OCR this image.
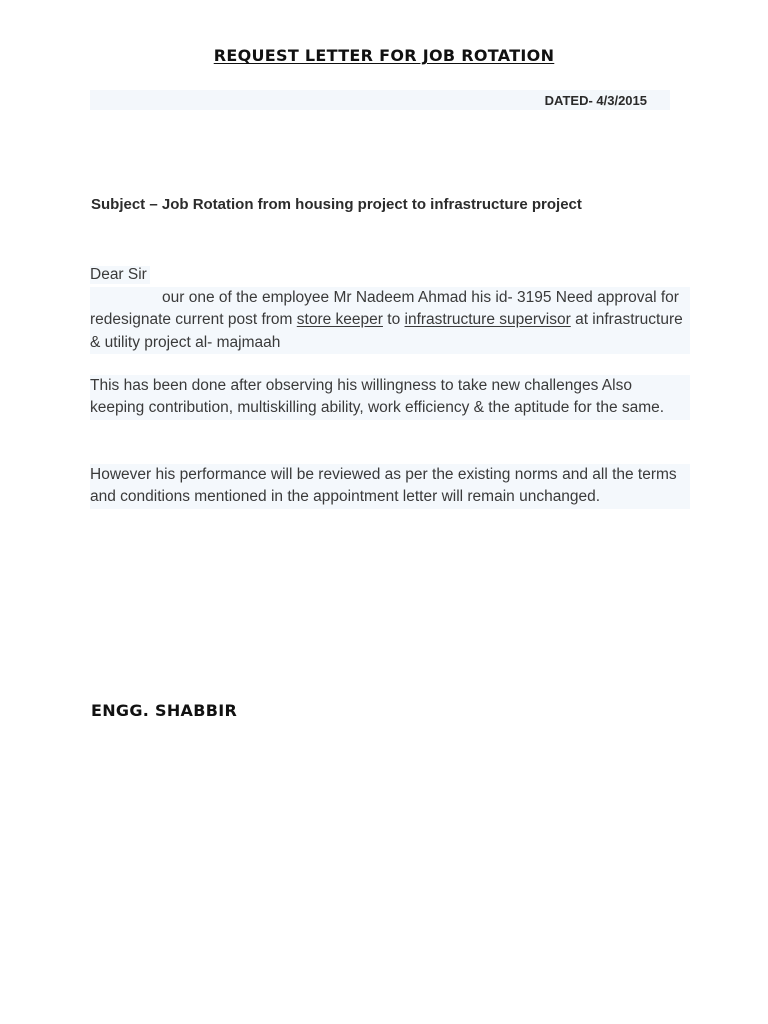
REQUEST LETTER FOR JOB ROTATION
DATED- 4/3/2015
Subject – Job Rotation from housing project to infrastructure project
Dear Sir
our one of the employee Mr Nadeem Ahmad his id- 3195 Need approval for redesignate current post from store keeper to infrastructure supervisor at infrastructure & utility project al- majmaah
This has been done after observing his willingness to take new challenges Also keeping contribution, multiskilling ability, work efficiency & the aptitude for the same.
However his performance will be reviewed as per the existing norms and all the terms and conditions mentioned in the appointment letter will remain unchanged.
ENGG. SHABBIR
